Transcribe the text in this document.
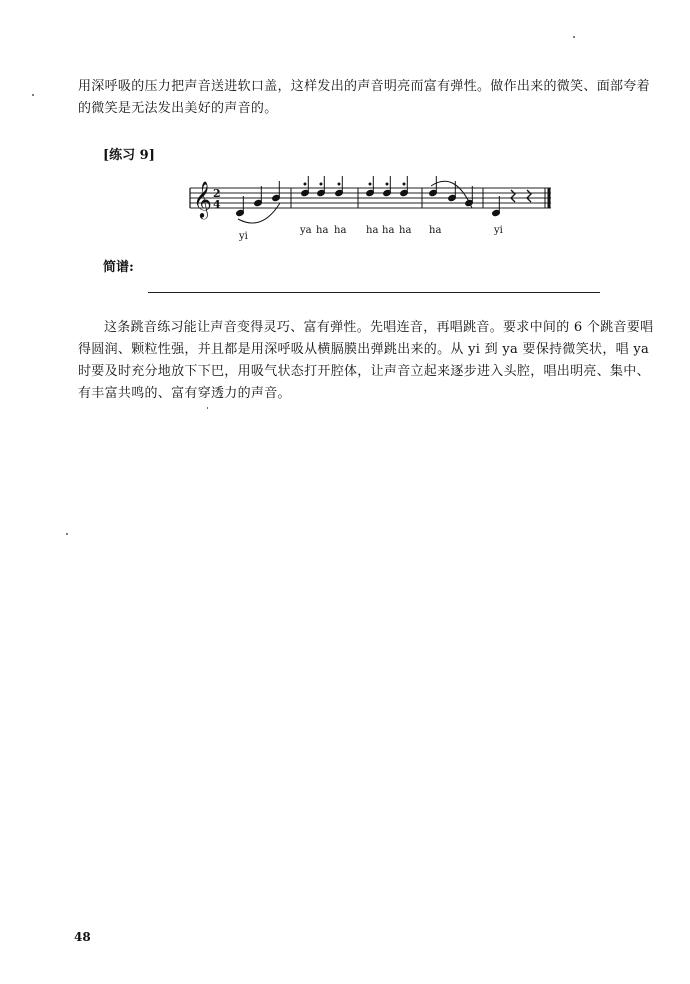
用深呼吸的压力把声音送进软口盖，这样发出的声音明亮而富有弹性。做作出来的微笑、面部夸着的微笑是无法发出美好的声音的。

[练习 9]
𝄞 2
4
yi
ya ha ha ha ha ha ha	yi
简谱:

这条跳音练习能让声音变得灵巧、富有弹性。先唱连音，再唱跳音。要求中间的 6 个跳音要唱得圆润、颗粒性强，并且都是用深呼吸从横膈膜出弹跳出来的。从 yi 到 ya 要保持微笑状，唱 ya 时要及时充分地放下下巴，用吸气状态打开腔体，让声音立起来逐步进入头腔，唱出明亮、集中、有丰富共鸣的、富有穿透力的声音。

48
